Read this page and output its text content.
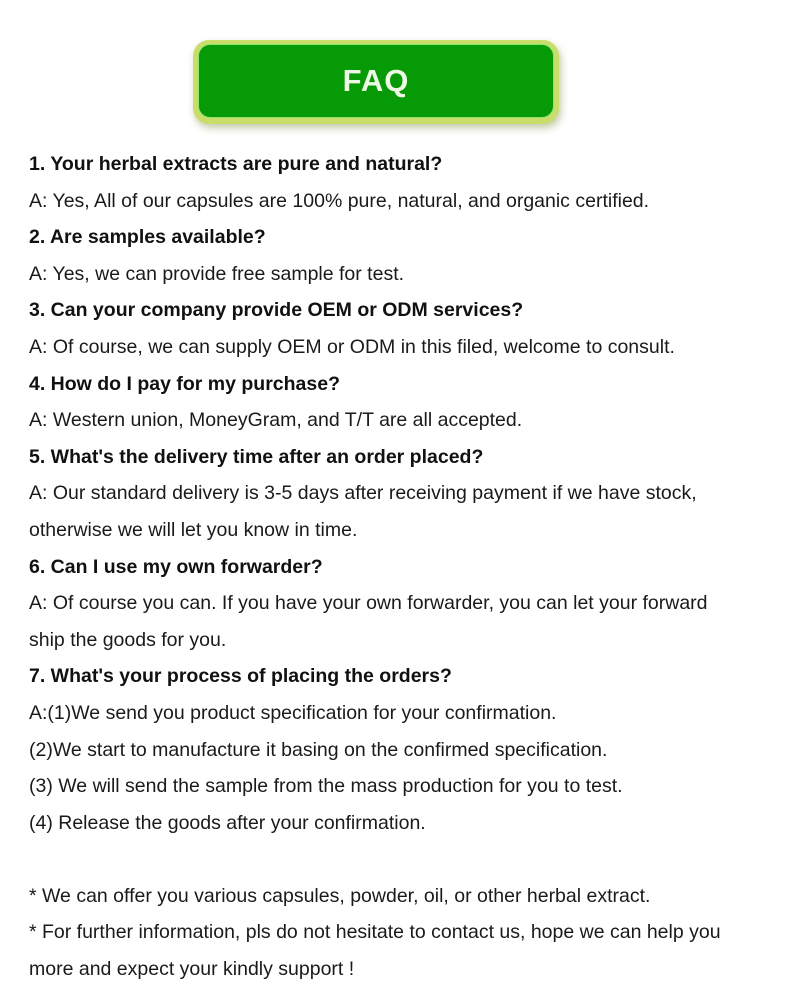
FAQ
1. Your herbal extracts are pure and natural?
A: Yes, All of our capsules are 100% pure, natural, and organic certified.
2. Are samples available?
A: Yes, we can provide free sample for test.
3. Can your company provide OEM or ODM services?
A: Of course, we can supply OEM or ODM in this filed, welcome to consult.
4. How do I pay for my purchase?
A: Western union, MoneyGram, and T/T are all accepted.
5. What's the delivery time after an order placed?
A: Our standard delivery is 3-5 days after receiving payment if we have stock,
otherwise we will let you know in time.
6. Can I use my own forwarder?
A: Of course you can. If you have your own forwarder, you can let your forward
ship the goods for you.
7. What's your process of placing the orders?
A:(1)We send you product specification for your confirmation.
(2)We start to manufacture it basing on the confirmed specification.
(3) We will send the sample from the mass production for you to test.
(4) Release the goods after your confirmation.
* We can offer you various capsules, powder, oil, or other herbal extract.
* For further information, pls do not hesitate to contact us, hope we can help you
more and expect your kindly support !
